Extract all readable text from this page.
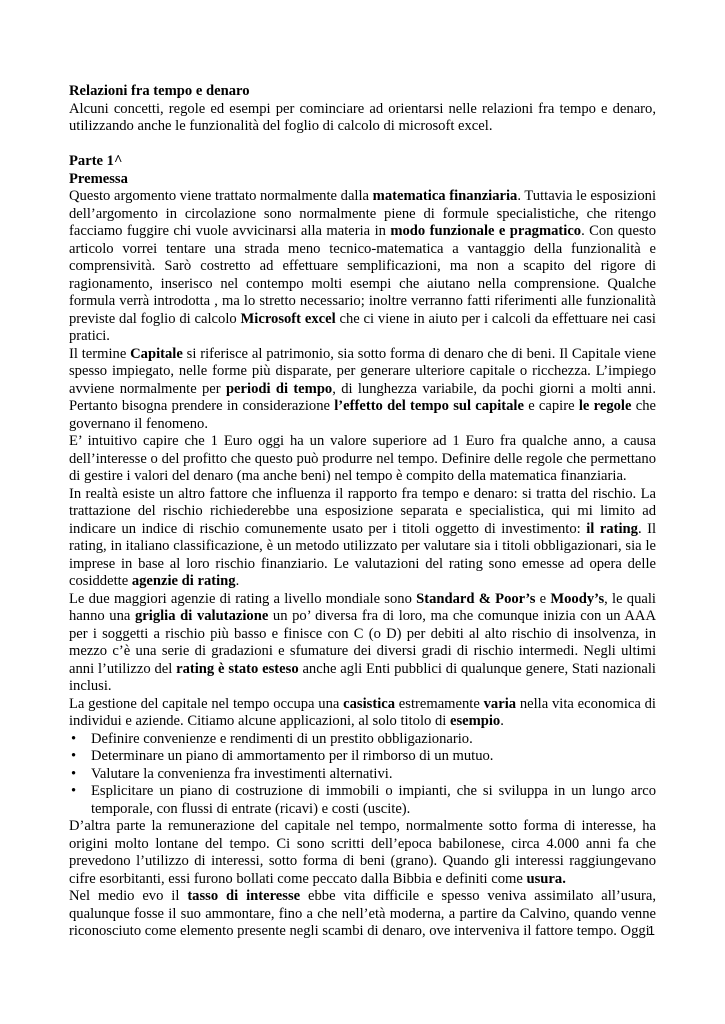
Relazioni fra tempo e denaro

Alcuni concetti, regole ed esempi per cominciare ad orientarsi nelle relazioni fra tempo e denaro, utilizzando anche le funzionalità del foglio di calcolo di microsoft excel.

Parte 1^

Premessa

Questo argomento viene trattato normalmente dalla matematica finanziaria. Tuttavia le esposizioni dell’argomento in circolazione sono normalmente piene di formule specialistiche, che ritengo facciamo fuggire chi vuole avvicinarsi alla materia in modo funzionale e pragmatico. Con questo articolo vorrei tentare una strada meno tecnico-matematica a vantaggio della funzionalità e comprensività. Sarò costretto ad effettuare semplificazioni, ma non a scapito del rigore di ragionamento, inserisco nel contempo molti esempi che aiutano nella comprensione. Qualche formula verrà introdotta , ma lo stretto necessario; inoltre verranno fatti riferimenti alle funzionalità previste dal foglio di calcolo Microsoft excel che ci viene in aiuto per i calcoli da effettuare nei casi pratici.

Il termine Capitale si riferisce al patrimonio, sia sotto forma di denaro che di beni. Il Capitale viene spesso impiegato, nelle forme più disparate, per generare ulteriore capitale o ricchezza. L’impiego avviene normalmente per periodi di tempo, di lunghezza variabile, da pochi giorni a molti anni. Pertanto bisogna prendere in considerazione l’effetto del tempo sul capitale e capire le regole che governano il fenomeno.

E’ intuitivo capire che 1 Euro oggi ha un valore superiore ad 1 Euro fra qualche anno, a causa dell’interesse o del profitto che questo può produrre nel tempo. Definire delle regole che permettano di gestire i valori del denaro (ma anche beni) nel tempo è compito della matematica finanziaria.

In realtà esiste un altro fattore che influenza il rapporto fra tempo e denaro: si tratta del rischio. La trattazione del rischio richiederebbe una esposizione separata e specialistica, qui mi limito ad indicare un indice di rischio comunemente usato per i titoli oggetto di investimento: il rating. Il rating, in italiano classificazione, è un metodo utilizzato per valutare sia i titoli obbligazionari, sia le imprese in base al loro rischio finanziario. Le valutazioni del rating sono emesse ad opera delle cosiddette agenzie di rating.

Le due maggiori agenzie di rating a livello mondiale sono Standard & Poor’s e Moody’s, le quali hanno una griglia di valutazione un po’ diversa fra di loro, ma che comunque inizia con un AAA per i soggetti a rischio più basso e finisce con C (o D) per debiti al alto rischio di insolvenza, in mezzo c’è una serie di gradazioni e sfumature dei diversi gradi di rischio intermedi. Negli ultimi anni l’utilizzo del rating è stato esteso anche agli Enti pubblici di qualunque genere, Stati nazionali inclusi.

La gestione del capitale nel tempo occupa una casistica estremamente varia nella vita economica di individui e aziende. Citiamo alcune applicazioni, al solo titolo di esempio.

• Definire convenienze e rendimenti di un prestito obbligazionario.
• Determinare un piano di ammortamento per il rimborso di un mutuo.
• Valutare la convenienza fra investimenti alternativi.
• Esplicitare un piano di costruzione di immobili o impianti, che si sviluppa in un lungo arco temporale, con flussi di entrate (ricavi) e costi (uscite).

D’altra parte la remunerazione del capitale nel tempo, normalmente sotto forma di interesse, ha origini molto lontane del tempo. Ci sono scritti dell’epoca babilonese, circa 4.000 anni fa che prevedono l’utilizzo di interessi, sotto forma di beni (grano). Quando gli interessi raggiungevano cifre esorbitanti, essi furono bollati come peccato dalla Bibbia e definiti come usura.

Nel medio evo il tasso di interesse ebbe vita difficile e spesso veniva assimilato all’usura, qualunque fosse il suo ammontare, fino a che nell’età moderna, a partire da Calvino, quando venne riconosciuto come elemento presente negli scambi di denaro, ove interveniva il fattore tempo. Oggi

1
